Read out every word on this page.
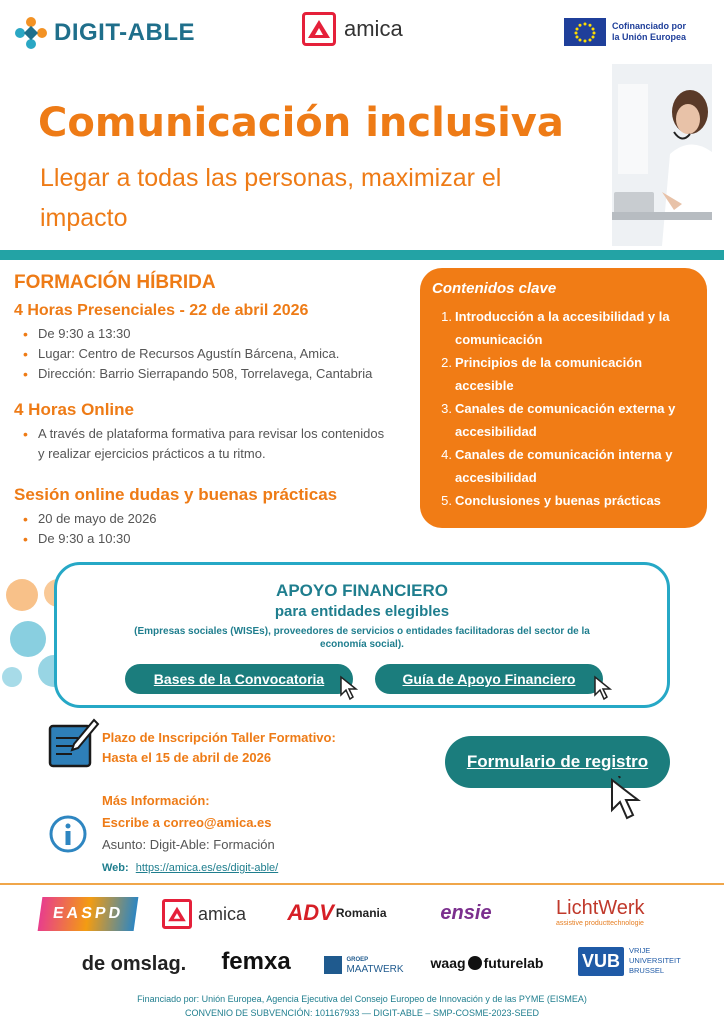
DIGIT-ABLE	amica	Cofinanciado por
la Unión Europea
Comunicación inclusiva
Llegar a todas las personas, maximizar el impacto
FORMACIÓN HÍBRIDA
4 Horas Presenciales - 22 de abril 2026
• De 9:30 a 13:30
• Lugar: Centro de Recursos Agustín Bárcena, Amica.
• Dirección: Barrio Sierrapando 508, Torrelavega, Cantabria
4 Horas Online
• A través de plataforma formativa para revisar los contenidos y realizar ejercicios prácticos a tu ritmo.
Sesión online dudas y buenas prácticas
• 20 de mayo de 2026
• De 9:30 a 10:30
Contenidos clave
1. Introducción a la accesibilidad y la comunicación
2. Principios de la comunicación accesible
3. Canales de comunicación externa y accesibilidad
4. Canales de comunicación interna y accesibilidad
5. Conclusiones y buenas prácticas
APOYO FINANCIERO
para entidades elegibles
(Empresas sociales (WISEs), proveedores de servicios o entidades facilitadoras del sector de la economía social).
Bases de la Convocatoria	Guía de Apoyo Financiero
Plazo de Inscripción Taller Formativo:
Hasta el 15 de abril de 2026	Formulario de registro
Más Información:
Escribe a correo@amica.es
Asunto: Digit-Able: Formación
Web: https://amica.es/es/digit-able/
EASPD	amica ADV Romania	ensie	LichtWerk
assistive producttechnologie
de omslag.	femxa	GROEP
MAATWERK waag futurelab VUB	VRIJE UNIVERSITEIT BRUSSEL
Financiado por: Unión Europea, Agencia Ejecutiva del Consejo Europeo de Innovación y de las PYME (EISMEA)
CONVENIO DE SUBVENCIÓN: 101167933 — DIGIT-ABLE – SMP-COSME-2023-SEED
